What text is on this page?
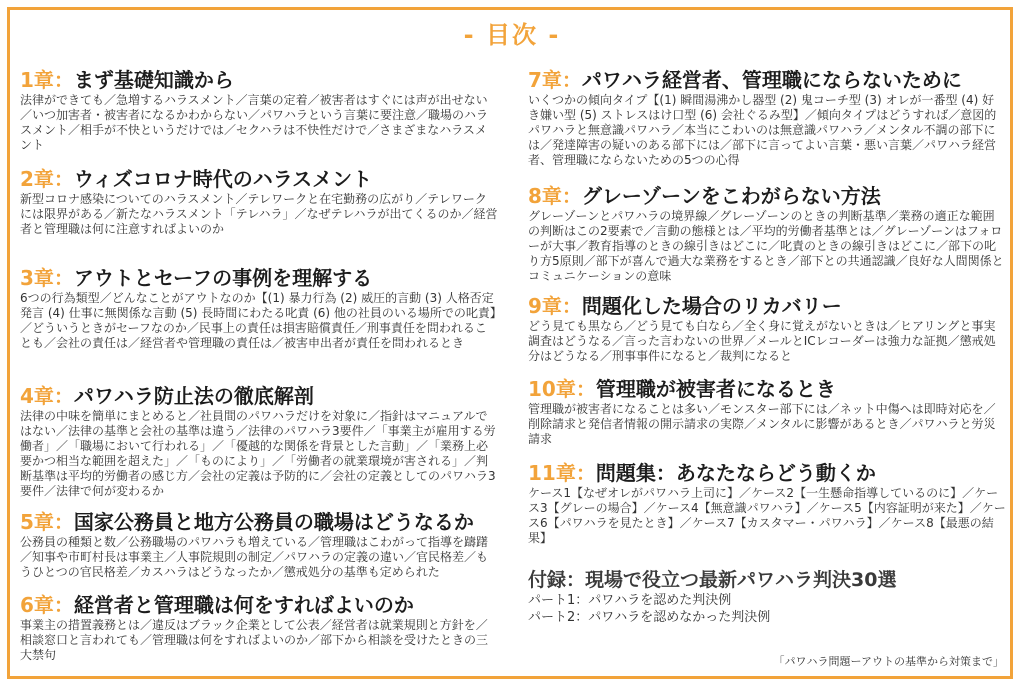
- 目次 -
1章：まず基礎知識から
法律ができても／急増するハラスメント／言葉の定着／被害者はすぐには声が出せない／いつ加害者・被害者になるかわからない／パワハラという言葉に要注意／職場のハラスメント／相手が不快というだけでは／セクハラは不快性だけで／さまざまなハラスメント
2章：ウィズコロナ時代のハラスメント
新型コロナ感染についてのハラスメント／テレワークと在宅勤務の広がり／テレワークには限界がある／新たなハラスメント「テレハラ」／なぜテレハラが出てくるのか／経営者と管理職は何に注意すればよいのか
3章：アウトとセーフの事例を理解する
6つの行為類型／どんなことがアウトなのか【(1) 暴力行為 (2) 威圧的言動 (3) 人格否定発言 (4) 仕事に無関係な言動 (5) 長時間にわたる叱責 (6) 他の社員のいる場所での叱責】／どういうときがセーフなのか／民事上の責任は損害賠償責任／刑事責任を問われることも／会社の責任は／経営者や管理職の責任は／被害申出者が責任を問われるとき
4章：パワハラ防止法の徹底解剖
法律の中味を簡単にまとめると／社員間のパワハラだけを対象に／指針はマニュアルではない／法律の基準と会社の基準は違う／法律のパワハラ3要件／「事業主が雇用する労働者」／「職場において行われる」／「優越的な関係を背景とした言動」／「業務上必要かつ相当な範囲を超えた」／「ものにより」／「労働者の就業環境が害される」／判断基準は平均的労働者の感じ方／会社の定義は予防的に／会社の定義としてのパワハラ3要件／法律で何が変わるか
5章：国家公務員と地方公務員の職場はどうなるか
公務員の種類と数／公務職場のパワハラも増えている／管理職はこわがって指導を躊躇／知事や市町村長は事業主／人事院規則の制定／パワハラの定義の違い／官民格差／もうひとつの官民格差／カスハラはどうなったか／懲戒処分の基準も定められた
6章：経営者と管理職は何をすればよいのか
事業主の措置義務とは／違反はブラック企業として公表／経営者は就業規則と方針を／相談窓口と言われても／管理職は何をすればよいのか／部下から相談を受けたときの三大禁句
7章：パワハラ経営者、管理職にならないために
いくつかの傾向タイプ【(1) 瞬間湯沸かし器型 (2) 鬼コーチ型 (3) オレが一番型 (4) 好き嫌い型 (5) ストレスはけ口型 (6) 会社ぐるみ型】／傾向タイプはどうすれば／意図的パワハラと無意識パワハラ／本当にこわいのは無意識パワハラ／メンタル不調の部下には／発達障害の疑いのある部下には／部下に言ってよい言葉・悪い言葉／パワハラ経営者、管理職にならないための5つの心得
8章：グレーゾーンをこわがらない方法
グレーゾーンとパワハラの境界線／グレーゾーンのときの判断基準／業務の適正な範囲の判断はこの2要素で／言動の態様とは／平均的労働者基準とは／グレーゾーンはフォローが大事／教育指導のときの線引きはどこに／叱責のときの線引きはどこに／部下の叱り方5原則／部下が喜んで過大な業務をするとき／部下との共通認識／良好な人間関係とコミュニケーションの意味
9章：問題化した場合のリカバリー
どう見ても黒なら／どう見ても白なら／全く身に覚えがないときは／ヒアリングと事実調査はどうなる／言った言わないの世界／メールとICレコーダーは強力な証拠／懲戒処分はどうなる／刑事事件になると／裁判になると
10章：管理職が被害者になるとき
管理職が被害者になることは多い／モンスター部下には／ネット中傷へは即時対応を／削除請求と発信者情報の開示請求の実際／メンタルに影響があるとき／パワハラと労災請求
11章：問題集：あなたならどう動くか
ケース1【なぜオレがパワハラ上司に】／ケース2【一生懸命指導しているのに】／ケース3【グレーの場合】／ケース4【無意識パワハラ】／ケース5【内容証明が来た】／ケース6【パワハラを見たとき】／ケース7【カスタマー・パワハラ】／ケース8【最悪の結果】
付録：現場で役立つ最新パワハラ判決30選
パート1：パワハラを認めた判決例
パート2：パワハラを認めなかった判決例
「パワハラ問題ーアウトの基準から対策まで」
